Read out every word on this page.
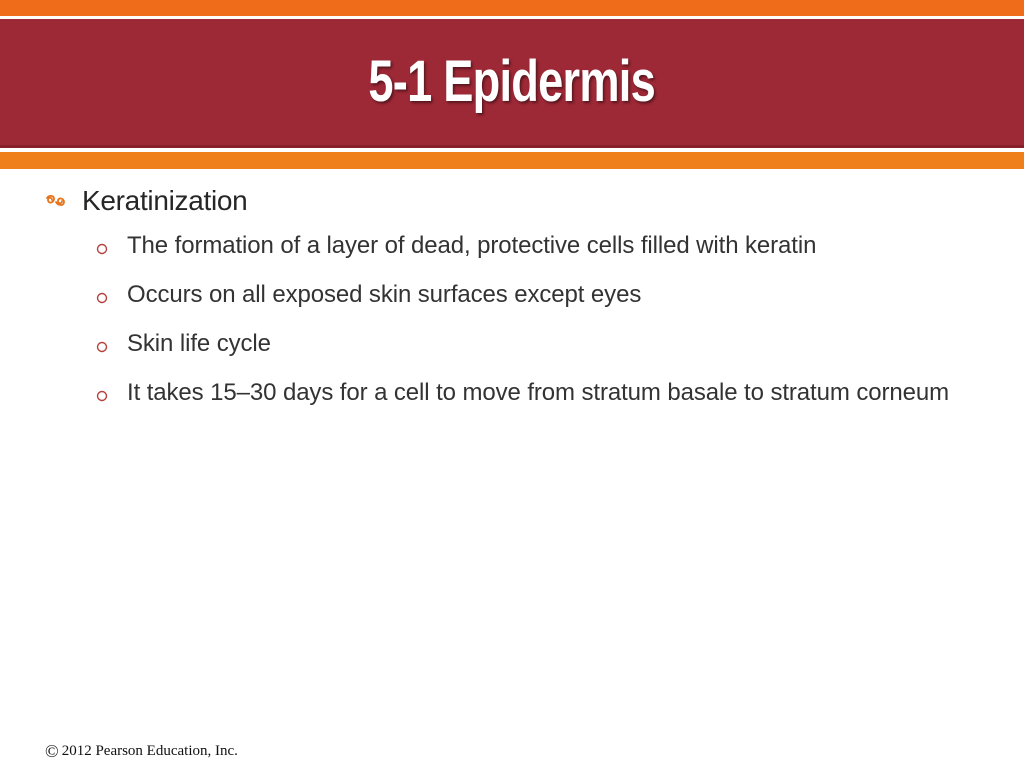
5-1 Epidermis
Keratinization
The formation of a layer of dead, protective cells filled with keratin
Occurs on all exposed skin surfaces except eyes
Skin life cycle
It takes 15–30 days for a cell to move from stratum basale to stratum corneum
© 2012 Pearson Education, Inc.
